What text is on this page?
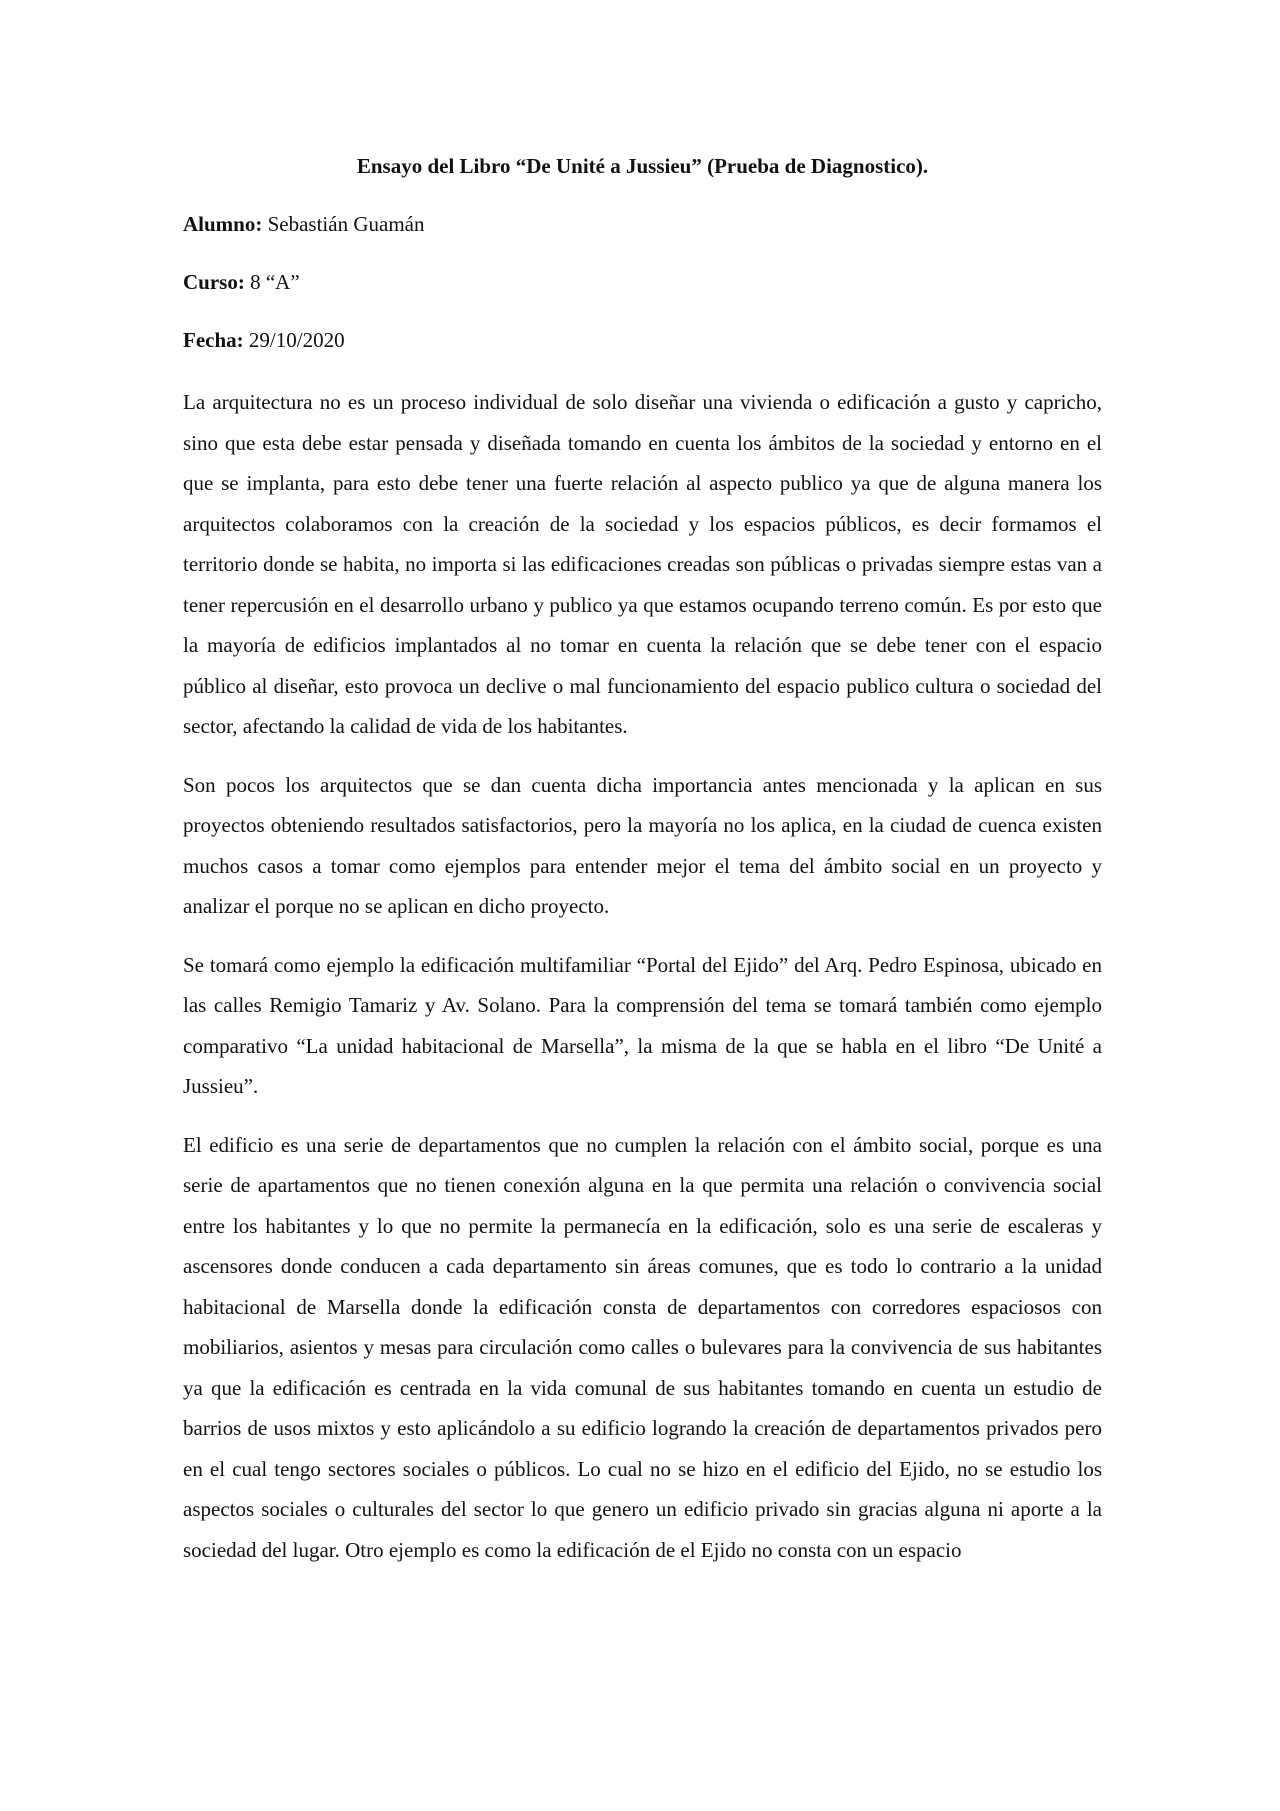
Ensayo del Libro “De Unité a Jussieu” (Prueba de Diagnostico).
Alumno: Sebastián Guamán
Curso: 8 “A”
Fecha: 29/10/2020

La arquitectura no es un proceso individual de solo diseñar una vivienda o edificación a gusto y capricho, sino que esta debe estar pensada y diseñada tomando en cuenta los ámbitos de la sociedad y entorno en el que se implanta, para esto debe tener una fuerte relación al aspecto publico ya que de alguna manera los arquitectos colaboramos con la creación de la sociedad y los espacios públicos, es decir formamos el territorio donde se habita, no importa si las edificaciones creadas son públicas o privadas siempre estas van a tener repercusión en el desarrollo urbano y publico ya que estamos ocupando terreno común. Es por esto que la mayoría de edificios implantados al no tomar en cuenta la relación que se debe tener con el espacio público al diseñar, esto provoca un declive o mal funcionamiento del espacio publico cultura o sociedad del sector, afectando la calidad de vida de los habitantes.

Son pocos los arquitectos que se dan cuenta dicha importancia antes mencionada y la aplican en sus proyectos obteniendo resultados satisfactorios, pero la mayoría no los aplica, en la ciudad de cuenca existen muchos casos a tomar como ejemplos para entender mejor el tema del ámbito social en un proyecto y analizar el porque no se aplican en dicho proyecto.

Se tomará como ejemplo la edificación multifamiliar “Portal del Ejido” del Arq. Pedro Espinosa, ubicado en las calles Remigio Tamariz y Av. Solano. Para la comprensión del tema se tomará también como ejemplo comparativo “La unidad habitacional de Marsella”, la misma de la que se habla en el libro “De Unité a Jussieu”.

El edificio es una serie de departamentos que no cumplen la relación con el ámbito social, porque es una serie de apartamentos que no tienen conexión alguna en la que permita una relación o convivencia social entre los habitantes y lo que no permite la permanecía en la edificación, solo es una serie de escaleras y ascensores donde conducen a cada departamento sin áreas comunes, que es todo lo contrario a la unidad habitacional de Marsella donde la edificación consta de departamentos con corredores espaciosos con mobiliarios, asientos y mesas para circulación como calles o bulevares para la convivencia de sus habitantes ya que la edificación es centrada en la vida comunal de sus habitantes tomando en cuenta un estudio de barrios de usos mixtos y esto aplicándolo a su edificio logrando la creación de departamentos privados pero en el cual tengo sectores sociales o públicos. Lo cual no se hizo en el edificio del Ejido, no se estudio los aspectos sociales o culturales del sector lo que genero un edificio privado sin gracias alguna ni aporte a la sociedad del lugar. Otro ejemplo es como la edificación de el Ejido no consta con un espacio
